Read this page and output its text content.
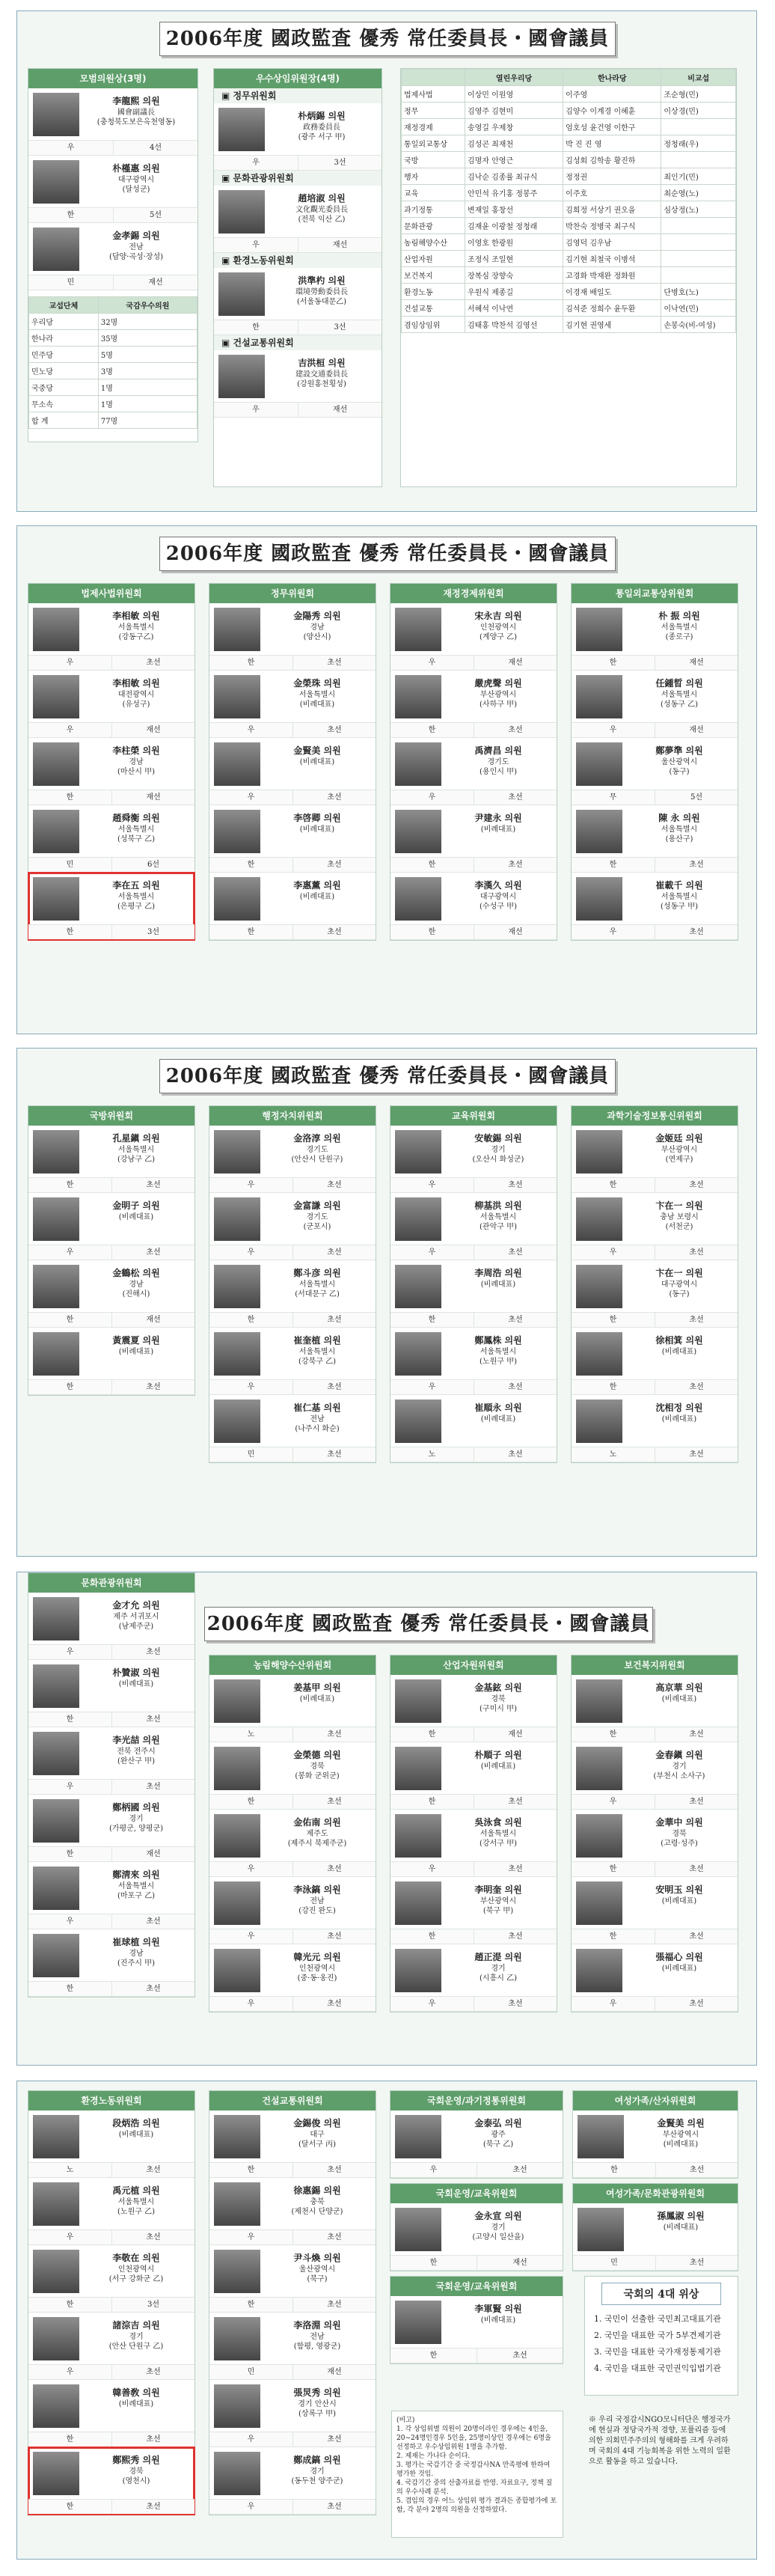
2006年度 國政監査 優秀 常任委員長・國會議員
모범의원상(3명)
李龍熙 의원
國會副議長
(충청북도보은옥천영동)
우	4선
朴槿惠 의원
대구광역시
(달성군)
한	5선
金孝錫 의원
전남
(담양·곡성·장성)
민	재선
교섭단체	국감우수의원
우리당	32명
한나라	35명
민주당	5명
민노당	3명
국중당	1명
무소속	1명
합 계	77명
우수상임위원장(4명)
▣ 정무위원회
朴炳錫 의원
政務委員長
(광주 서구 甲)
우	3선
▣ 문화관광위원회
趙培淑 의원
文化觀光委員長
(전북 익산 乙)
우	재선
▣ 환경노동위원회
洪準杓 의원
環境勞動委員長
(서울동대문乙)
한	3선
▣ 건설교통위원회
吉洪桓 의원
建設交通委員長
(강원홍천횡성)
우	재선
	열린우리당	한나라당	비교섭
법제사법	이상민 이원영	이주영	조순형(민)
정무	김영주 김현미	김양수 이계경 이혜훈	이상경(민)
재정경제	송영길 우제창	엄호성 윤건영 이한구	
통일외교통상	김성곤 최재천	박 진 진 영	정청래(우)
국방	김명자 안영근	김성회 김학송 황진하	
행자	김낙순 김종률 최규식	정정권	최인기(민)
교육	안민석 유기홍 정봉주	이주호	최순영(노)
과기정통	변재일 홍창선	김희정 서상기 권오을	심상정(노)
문화관광	김재윤 이광철 정청래	박찬숙 정병국 최구식	
농림해양수산	이영호 한광원	김영덕 김우남	
산업자원	조정식 조일현	김기현 최철국 이병석	
보건복지	장복심 장향숙	고경화 박재완 정화원	
환경노동	우원식 제종길	이경재 배일도	단병호(노)
건설교통	서혜석 이낙연	김석준 정희수 윤두환	이낙연(민)
겸임상임위	김태홍 박찬석 김영선	김기현 권영세	손봉숙(비-여성)
2006年度 國政監査 優秀 常任委員長・國會議員
법제사법위원회
李相敏 의원
서울특별시
(강동구乙)
우	초선
李相敏 의원
대전광역시
(유성구)
우	재선
李柱榮 의원
경남
(마산시 甲)
한	재선
趙舜衡 의원
서울특별시
(성북구 乙)
민	6선
李在五 의원
서울특별시
(은평구 乙)
한	3선
정무위원회
金陽秀 의원
경남
(양산시)
한	초선
金榮珠 의원
서울특별시
(비례대표)
우	초선
金賢美 의원
(비례대표)
우	초선
李啓卿 의원
(비례대표)
한	초선
李惠薰 의원
(비례대표)
한	초선
재정경제위원회
宋永吉 의원
인천광역시
(계양구 乙)
우	재선
嚴虎聲 의원
부산광역시
(사하구 甲)
한	초선
禹濟昌 의원
경기도
(용인시 甲)
우	초선
尹建永 의원
(비례대표)
한	초선
李漢久 의원
대구광역시
(수성구 甲)
한	재선
통일외교통상위원회
朴 振 의원
서울특별시
(종로구)
한	재선
任鍾晳 의원
서울특별시
(성동구 乙)
우	재선
鄭夢準 의원
울산광역시
(동구)
무	5선
陳 永 의원
서울특별시
(용산구)
한	초선
崔載千 의원
서울특별시
(성동구 甲)
우	초선
2006年度 國政監査 優秀 常任委員長・國會議員
국방위원회
孔星鎭 의원
서울특별시
(강남구 乙)
한	초선
金明子 의원
(비례대표)
우	초선
金鶴松 의원
경남
(진해시)
한	재선
黃震夏 의원
(비례대표)
한	초선
행정자치위원회
金洛淳 의원
경기도
(안산시 단원구)
우	초선
金富謙 의원
경기도
(군포시)
우	초선
鄭斗彦 의원
서울특별시
(서대문구 乙)
한	초선
崔奎植 의원
서울특별시
(강북구 乙)
우	초선
崔仁基 의원
전남
(나주시 화순)
민	초선
교육위원회
安敏錫 의원
경기
(오산시 화성군)
우	초선
柳基洪 의원
서울특별시
(관악구 甲)
우	초선
李周浩 의원
(비례대표)
한	초선
鄭鳳株 의원
서울특별시
(노원구 甲)
우	초선
崔順永 의원
(비례대표)
노	초선
과학기술정보통신위원회
金姬廷 의원
부산광역시
(연제구)
한	초선
卞在一 의원
충남 보령시
(서천군)
우	초선
卞在一 의원
대구광역시
(동구)
한	초선
徐相箕 의원
(비례대표)
한	초선
沈相정 의원
(비례대표)
노	초선
2006年度 國政監査 優秀 常任委員長・國會議員
문화관광위원회
金才允 의원
제주 서귀포시
(남제주군)
우	초선
朴贊淑 의원
(비례대표)
한	초선
李光喆 의원
전북 전주시
(완산구 甲)
우	초선
鄭柄國 의원
경기
(가평군, 양평군)
한	재선
鄭淸來 의원
서울특별시
(마포구 乙)
우	초선
崔球植 의원
경남
(진주시 甲)
한	초선
농림해양수산위원회
姜基甲 의원
(비례대표)
노	초선
金榮德 의원
경북
(봉화 군위군)
한	초선
金佑南 의원
제주도
(제주시 북제주군)
우	초선
李泳鎬 의원
전남
(강진 완도)
우	초선
韓光元 의원
인천광역시
(중·동·옹진)
우	초선
산업자원위원회
金基鉉 의원
경북
(구미시 甲)
한	재선
朴順子 의원
(비례대표)
한	초선
吳泳食 의원
서울특별시
(강서구 甲)
우	초선
李明奎 의원
부산광역시
(북구 甲)
한	초선
趙正湜 의원
경기
(시흥시 乙)
우	초선
보건복지위원회
高京華 의원
(비례대표)
한	초선
金春鎭 의원
경기
(부천시 소사구)
우	초선
金華中 의원
경북
(고령·성주)
한	초선
安明玉 의원
(비례대표)
한	초선
張福心 의원
(비례대표)
우	초선
환경노동위원회
段炳浩 의원
(비례대표)
노	초선
禹元植 의원
서울특별시
(노원구 乙)
우	초선
李敬在 의원
인천광역시
(서구 강화군 乙)
한	3선
諸淙吉 의원
경기
(안산 단원구 乙)
우	초선
韓善敎 의원
(비례대표)
한	초선
鄭熙秀 의원
경북
(영천시)
한	초선
건설교통위원회
金錫俊 의원
대구
(달서구 丙)
한	초선
徐惠錫 의원
충북
(제천시 단양군)
우	초선
尹斗煥 의원
울산광역시
(북구)
한	초선
李洛淵 의원
전남
(함평, 영광군)
민	재선
張炅秀 의원
경기 안산시
(상록구 甲)
우	초선
鄭成鎬 의원
경기
(동두천 양주군)
우	초선
국회운영/과기정통위원회
金泰弘 의원
광주
(북구 乙)
우	초선
국회운영/교육위원회
金永宣 의원
경기
(고양시 일산을)
한	재선
국회운영/교육위원회
李軍賢 의원
(비례대표)
한	초선
여성가족/산자위원회
金賢美 의원
부산광역시
(비례대표)
한	초선
여성가족/문화관광위원회
孫鳳淑 의원
(비례대표)
민	초선
(비고)
1. 각 상임위별 의원이 20명이라인 경우에는 4인을, 20~24명인경우 5인을, 25명이상인 경우에는 6명을 선정하고 우수상임위원 1명을 추가함.
2. 제재는 가나다 순이다.
3. 평가는 국감기간 중 국정감사NA 만족평에 한하여 평가한 것임.
4. 국감기간 중의 산출자료를 반영. 자료요구, 정책 질의 우수사례 분석.
5. 겸임의 경우 어느 상임위 평가 결과든 종합평가에 포함, 각 분야 2명의 의원을 선정하였다.
국회의 4대 위상
1. 국민이 선출한 국민최고대표기관
2. 국민을 대표한 국가 5부견제기관
3. 국민을 대표한 국가재정통제기관
4. 국민을 대표한 국민권익입법기관
※ 우리 국정감시NGO모니터단은 행정국가에 현실과 정당국가적 경향, 포퓰리즘 등에 의한 의회민주주의의 형해화를 크게 우려하며 국회의 4대 기능회복을 위한 노력의 일환으로 활동을 하고 있습니다.
